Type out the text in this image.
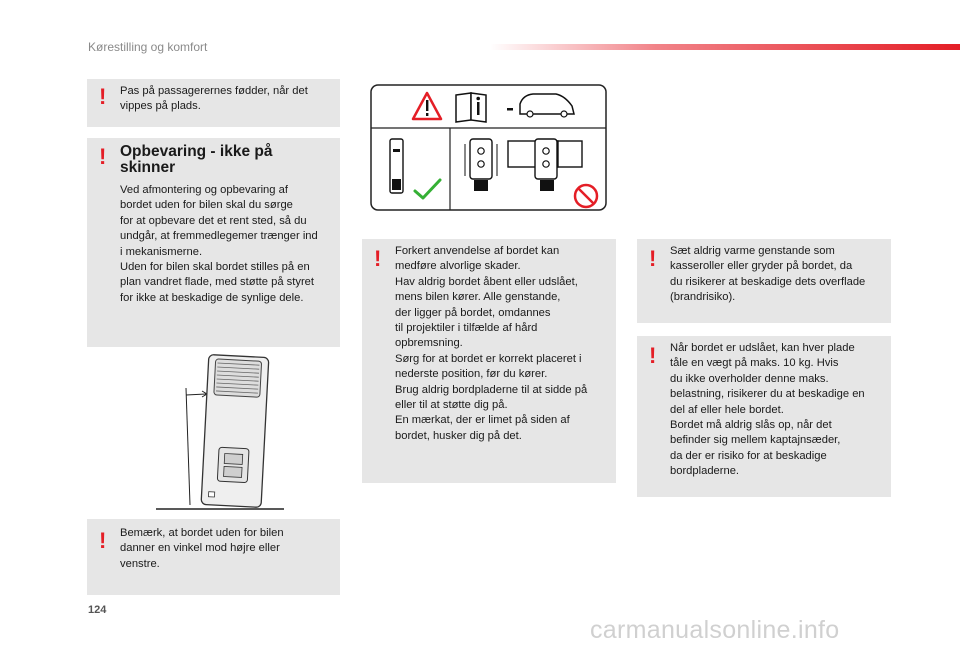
Kørestilling og komfort
! Pas på passagerernes fødder, når det vippes på plads.
! Opbevaring - ikke på skinner
Ved afmontering og opbevaring af
bordet uden for bilen skal du sørge
for at opbevare det et rent sted, så du
undgår, at fremmedlegemer trænger ind
i mekanismerne.
Uden for bilen skal bordet stilles på en
plan vandret flade, med støtte på styret
for ikke at beskadige de synlige dele.
! Bemærk, at bordet uden for bilen
danner en vinkel mod højre eller
venstre.
! Forkert anvendelse af bordet kan
medføre alvorlige skader.
Hav aldrig bordet åbent eller udslået,
mens bilen kører. Alle genstande,
der ligger på bordet, omdannes
til projektiler i tilfælde af hård
opbremsning.
Sørg for at bordet er korrekt placeret i
nederste position, før du kører.
Brug aldrig bordpladerne til at sidde på
eller til at støtte dig på.
En mærkat, der er limet på siden af
bordet, husker dig på det.
! Sæt aldrig varme genstande som
kasseroller eller gryder på bordet, da
du risikerer at beskadige dets overflade
(brandrisiko).
! Når bordet er udslået, kan hver plade
tåle en vægt på maks. 10 kg. Hvis
du ikke overholder denne maks.
belastning, risikerer du at beskadige en
del af eller hele bordet.
Bordet må aldrig slås op, når det
befinder sig mellem kaptajnsæder,
da der er risiko for at beskadige
bordpladerne.
124
carmanualsonline.info
